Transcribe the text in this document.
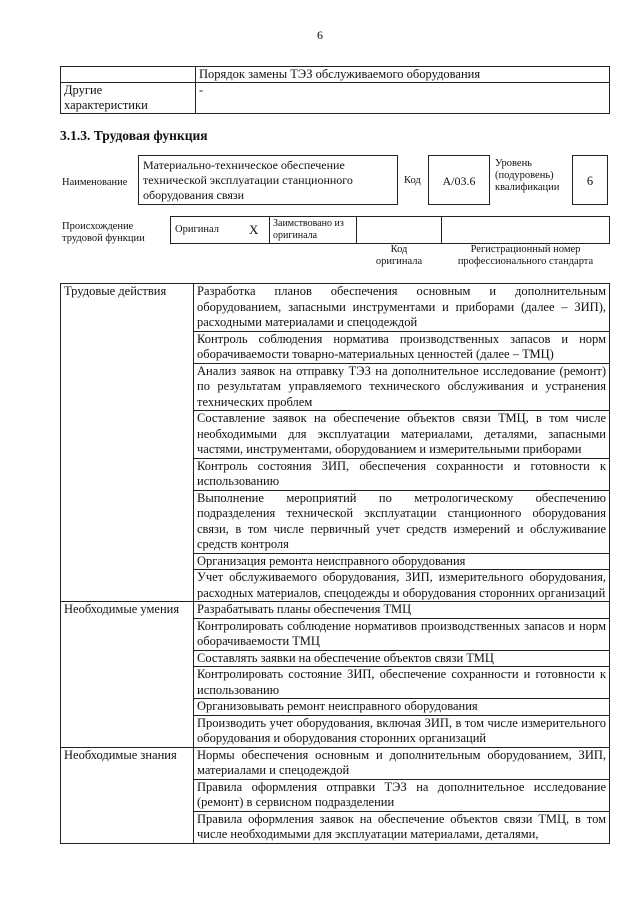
6
	Порядок замены ТЭЗ обслуживаемого оборудования

Другие
характеристики	-
3.1.3. Трудовая функция
Наименование
Материально-техническое обеспечение
технической эксплуатации станционного
оборудования связи
Код	А/03.6
Уровень
(подуровень)
квалификации	6
Происхождение
трудовой функции
Оригинал X Заимствовано из
оригинала
Код
оригинала
Регистрационный номер
профессионального стандарта
Трудовые действия	Разработка планов обеспечения основным и дополнительным оборудованием, запасными инструментами и приборами (далее – ЗИП), расходными материалами и спецодеждой
	Контроль соблюдения норматива производственных запасов и норм оборачиваемости товарно-материальных ценностей (далее – ТМЦ)
	Анализ заявок на отправку ТЭЗ на дополнительное исследование (ремонт) по результатам управляемого технического обслуживания и устранения технических проблем
	Составление заявок на обеспечение объектов связи ТМЦ, в том числе необходимыми для эксплуатации материалами, деталями, запасными частями, инструментами, оборудованием и измерительными приборами
	Контроль состояния ЗИП, обеспечения сохранности и готовности к использованию
	Выполнение мероприятий по метрологическому обеспечению подразделения технической эксплуатации станционного оборудования связи, в том числе первичный учет средств измерений и обслуживание средств контроля
	Организация ремонта неисправного оборудования
	Учет обслуживаемого оборудования, ЗИП, измерительного оборудования, расходных материалов, спецодежды и оборудования сторонних организаций
Необходимые умения	Разрабатывать планы обеспечения ТМЦ
	Контролировать соблюдение нормативов производственных запасов и норм оборачиваемости ТМЦ
	Составлять заявки на обеспечение объектов связи ТМЦ
	Контролировать состояние ЗИП, обеспечение сохранности и готовности к использованию
	Организовывать ремонт неисправного оборудования
	Производить учет оборудования, включая ЗИП, в том числе измерительного оборудования и оборудования сторонних организаций
Необходимые знания	Нормы обеспечения основным и дополнительным оборудованием, ЗИП, материалами и спецодеждой
	Правила оформления отправки ТЭЗ на дополнительное исследование (ремонт) в сервисном подразделении
	Правила оформления заявок на обеспечение объектов связи ТМЦ, в том числе необходимыми для эксплуатации материалами, деталями,
